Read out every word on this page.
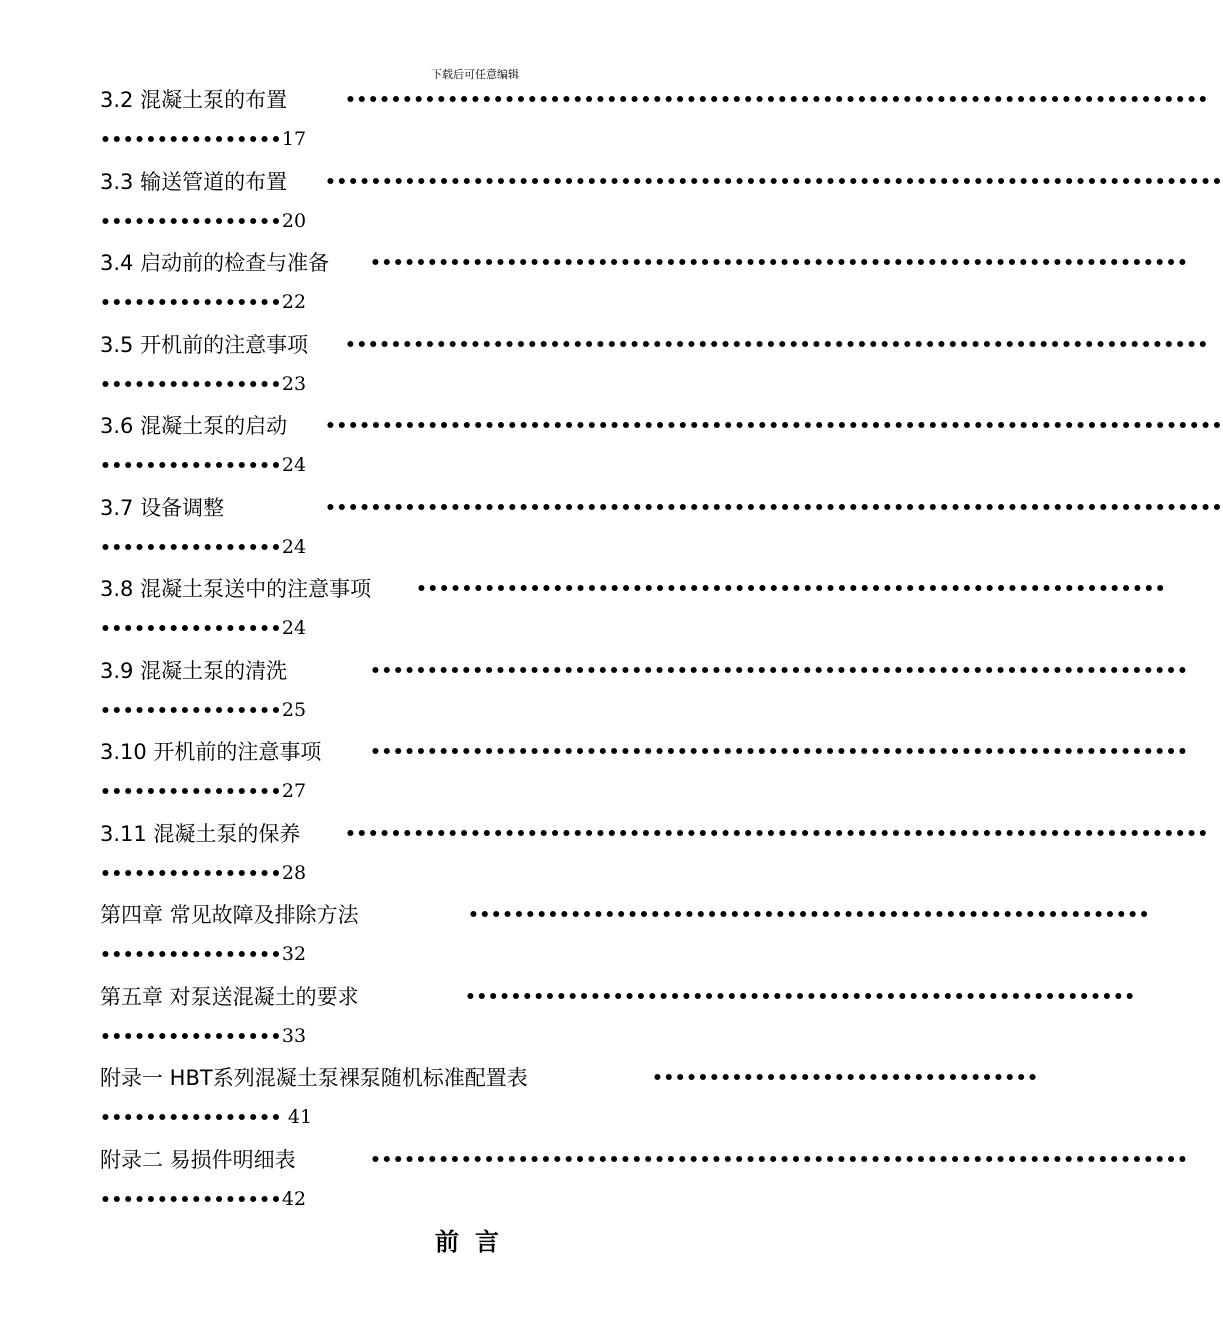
下载后可任意编辑
3.2 混凝土泵的布置	••••••••••••••••••••••••••••••••••••••••••••••••••••••••••••••••••••••••••••
••••••••••••••••17
3.3 输送管道的布置 •••••••••••••••••••••••••••••••••••••••••••••••••••••••••••••••••••••••••••••••
••••••••••••••••20
3.4 启动前的检查与准备 ••••••••••••••••••••••••••••••••••••••••••••••••••••••••••••••••••••••••
••••••••••••••••22
3.5 开机前的注意事项 ••••••••••••••••••••••••••••••••••••••••••••••••••••••••••••••••••••••••••••
••••••••••••••••23
3.6 混凝土泵的启动 •••••••••••••••••••••••••••••••••••••••••••••••••••••••••••••••••••••••••••••••
••••••••••••••••24
3.7 设备调整	•••••••••••••••••••••••••••••••••••••••••••••••••••••••••••••••••••••••••••••••
••••••••••••••••24
3.8 混凝土泵送中的注意事项	••••••••••••••••••••••••••••••••••••••••••••••••••••••••••••••••••
••••••••••••••••24
3.9 混凝土泵的清洗	••••••••••••••••••••••••••••••••••••••••••••••••••••••••••••••••••••••••
••••••••••••••••25
3.10 开机前的注意事项	••••••••••••••••••••••••••••••••••••••••••••••••••••••••••••••••••••••••
••••••••••••••••27
3.11 混凝土泵的保养	••••••••••••••••••••••••••••••••••••••••••••••••••••••••••••••••••••••••••••
••••••••••••••••28
第四章 常见故障及排除方法	••••••••••••••••••••••••••••••••••••••••••••••••••••••••••••
••••••••••••••••32
第五章 对泵送混凝土的要求	•••••••••••••••••••••••••••••••••••••••••••••••••••••••••••
••••••••••••••••33
附录一 HBT系列混凝土泵裸泵随机标准配置表	••••••••••••••••••••••••••••••••••
•••••••••••••••• 41
附录二 易损件明细表	••••••••••••••••••••••••••••••••••••••••••••••••••••••••••••••••••••••••
••••••••••••••••42
前言
